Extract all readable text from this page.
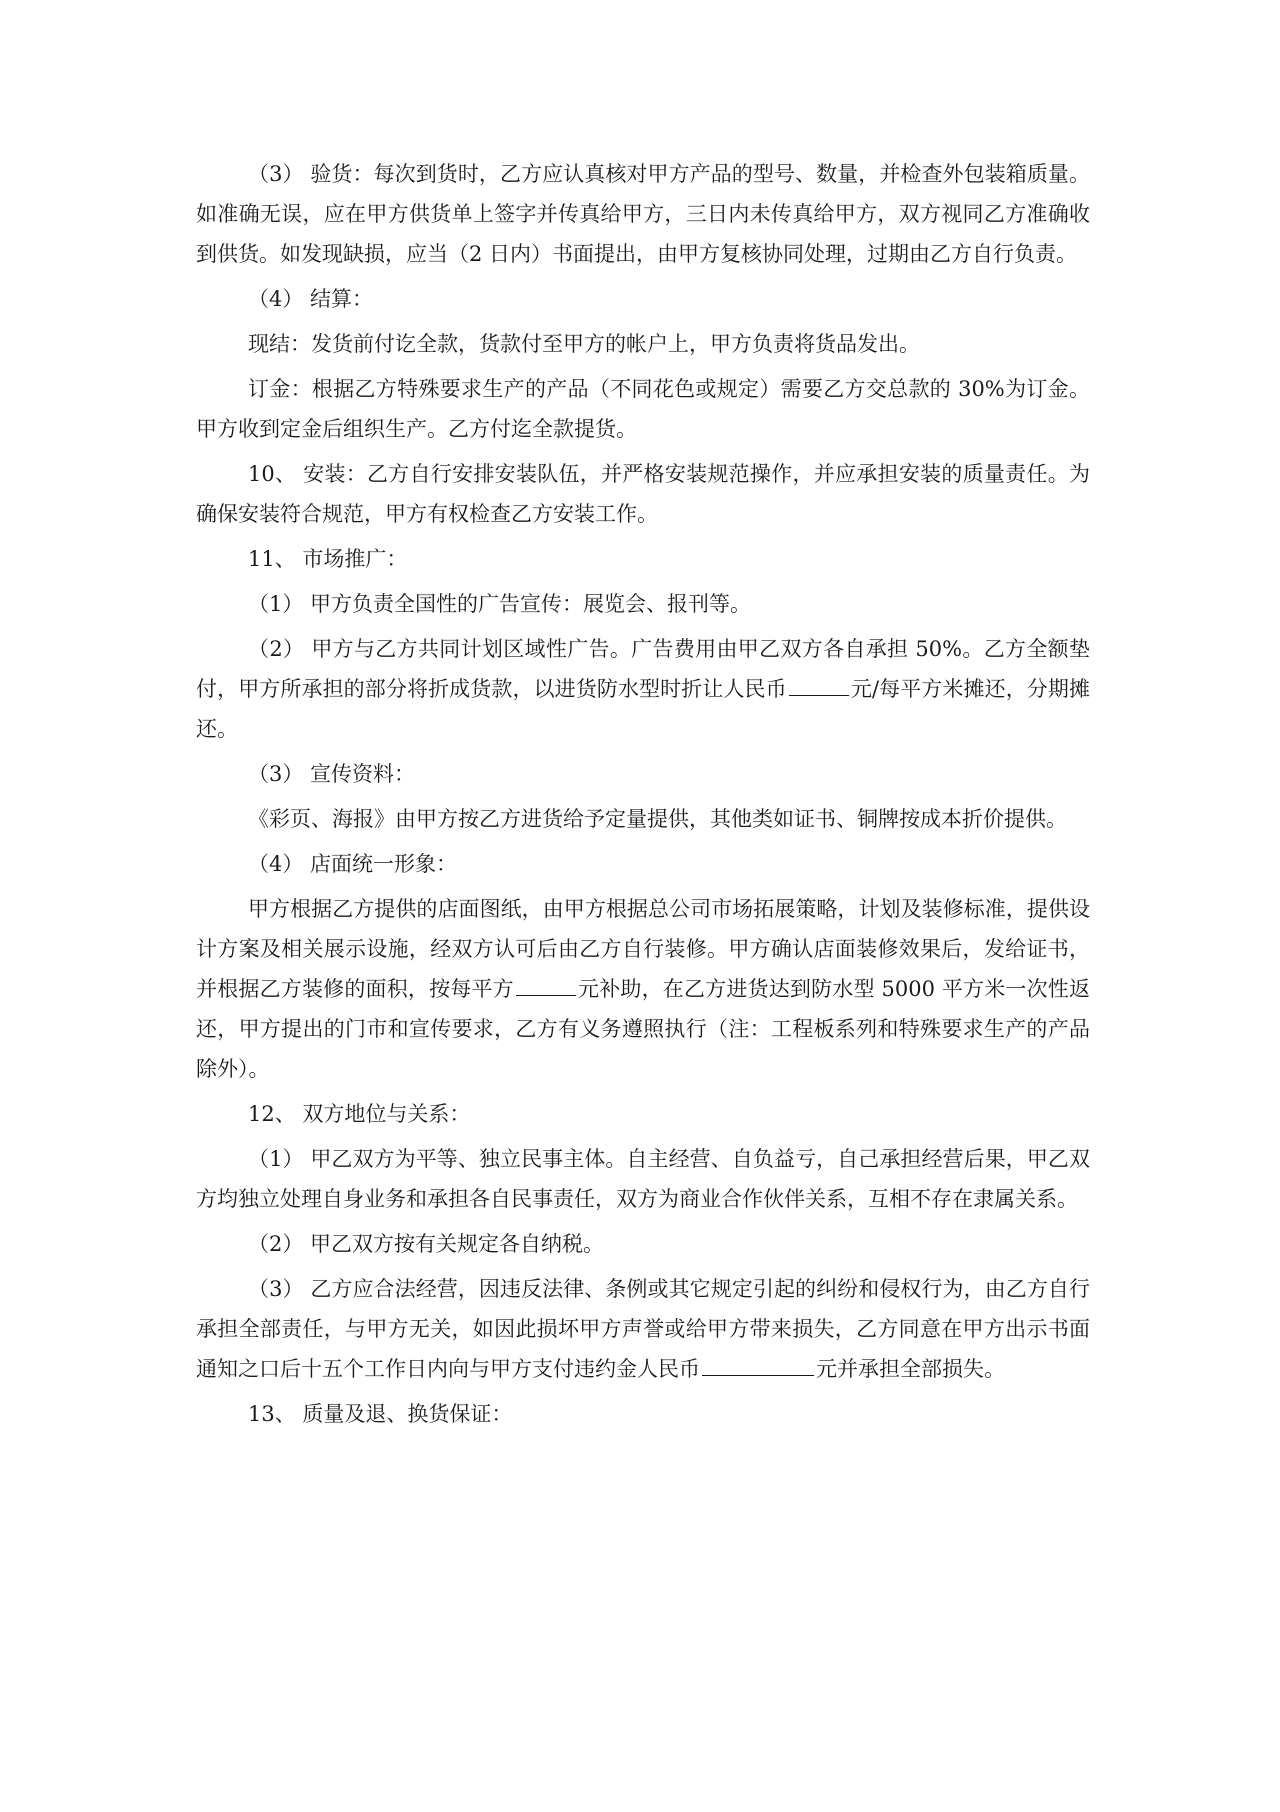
（3） 验货：每次到货时，乙方应认真核对甲方产品的型号、数量，并检查外包装箱质量。如准确无误，应在甲方供货单上签字并传真给甲方，三日内未传真给甲方，双方视同乙方准确收到供货。如发现缺损，应当（2 日内）书面提出，由甲方复核协同处理，过期由乙方自行负责。

（4） 结算：

现结：发货前付讫全款，货款付至甲方的帐户上，甲方负责将货品发出。

订金：根据乙方特殊要求生产的产品（不同花色或规定）需要乙方交总款的 30%为订金。甲方收到定金后组织生产。乙方付迄全款提货。

10、 安装：乙方自行安排安装队伍，并严格安装规范操作，并应承担安装的质量责任。为确保安装符合规范，甲方有权检查乙方安装工作。

11、 市场推广：

（1） 甲方负责全国性的广告宣传：展览会、报刊等。

（2） 甲方与乙方共同计划区域性广告。广告费用由甲乙双方各自承担 50%。乙方全额垫付，甲方所承担的部分将折成货款，以进货防水型时折让人民币	元/每平方米摊还，分期摊还。

（3） 宣传资料：

《彩页、海报》由甲方按乙方进货给予定量提供，其他类如证书、铜牌按成本折价提供。

（4） 店面统一形象：

甲方根据乙方提供的店面图纸，由甲方根据总公司市场拓展策略，计划及装修标准，提供设计方案及相关展示设施，经双方认可后由乙方自行装修。甲方确认店面装修效果后，发给证书，并根据乙方装修的面积，按每平方	元补助，在乙方进货达到防水型 5000 平方米一次性返还，甲方提出的门市和宣传要求，乙方有义务遵照执行（注：工程板系列和特殊要求生产的产品除外）。

12、 双方地位与关系：

（1） 甲乙双方为平等、独立民事主体。自主经营、自负益亏，自己承担经营后果，甲乙双方均独立处理自身业务和承担各自民事责任，双方为商业合作伙伴关系，互相不存在隶属关系。

（2） 甲乙双方按有关规定各自纳税。

（3） 乙方应合法经营，因违反法律、条例或其它规定引起的纠纷和侵权行为，由乙方自行承担全部责任，与甲方无关，如因此损坏甲方声誉或给甲方带来损失，乙方同意在甲方出示书面通知之口后十五个工作日内向与甲方支付违约金人民币	元并承担全部损失。

13、 质量及退、换货保证：
